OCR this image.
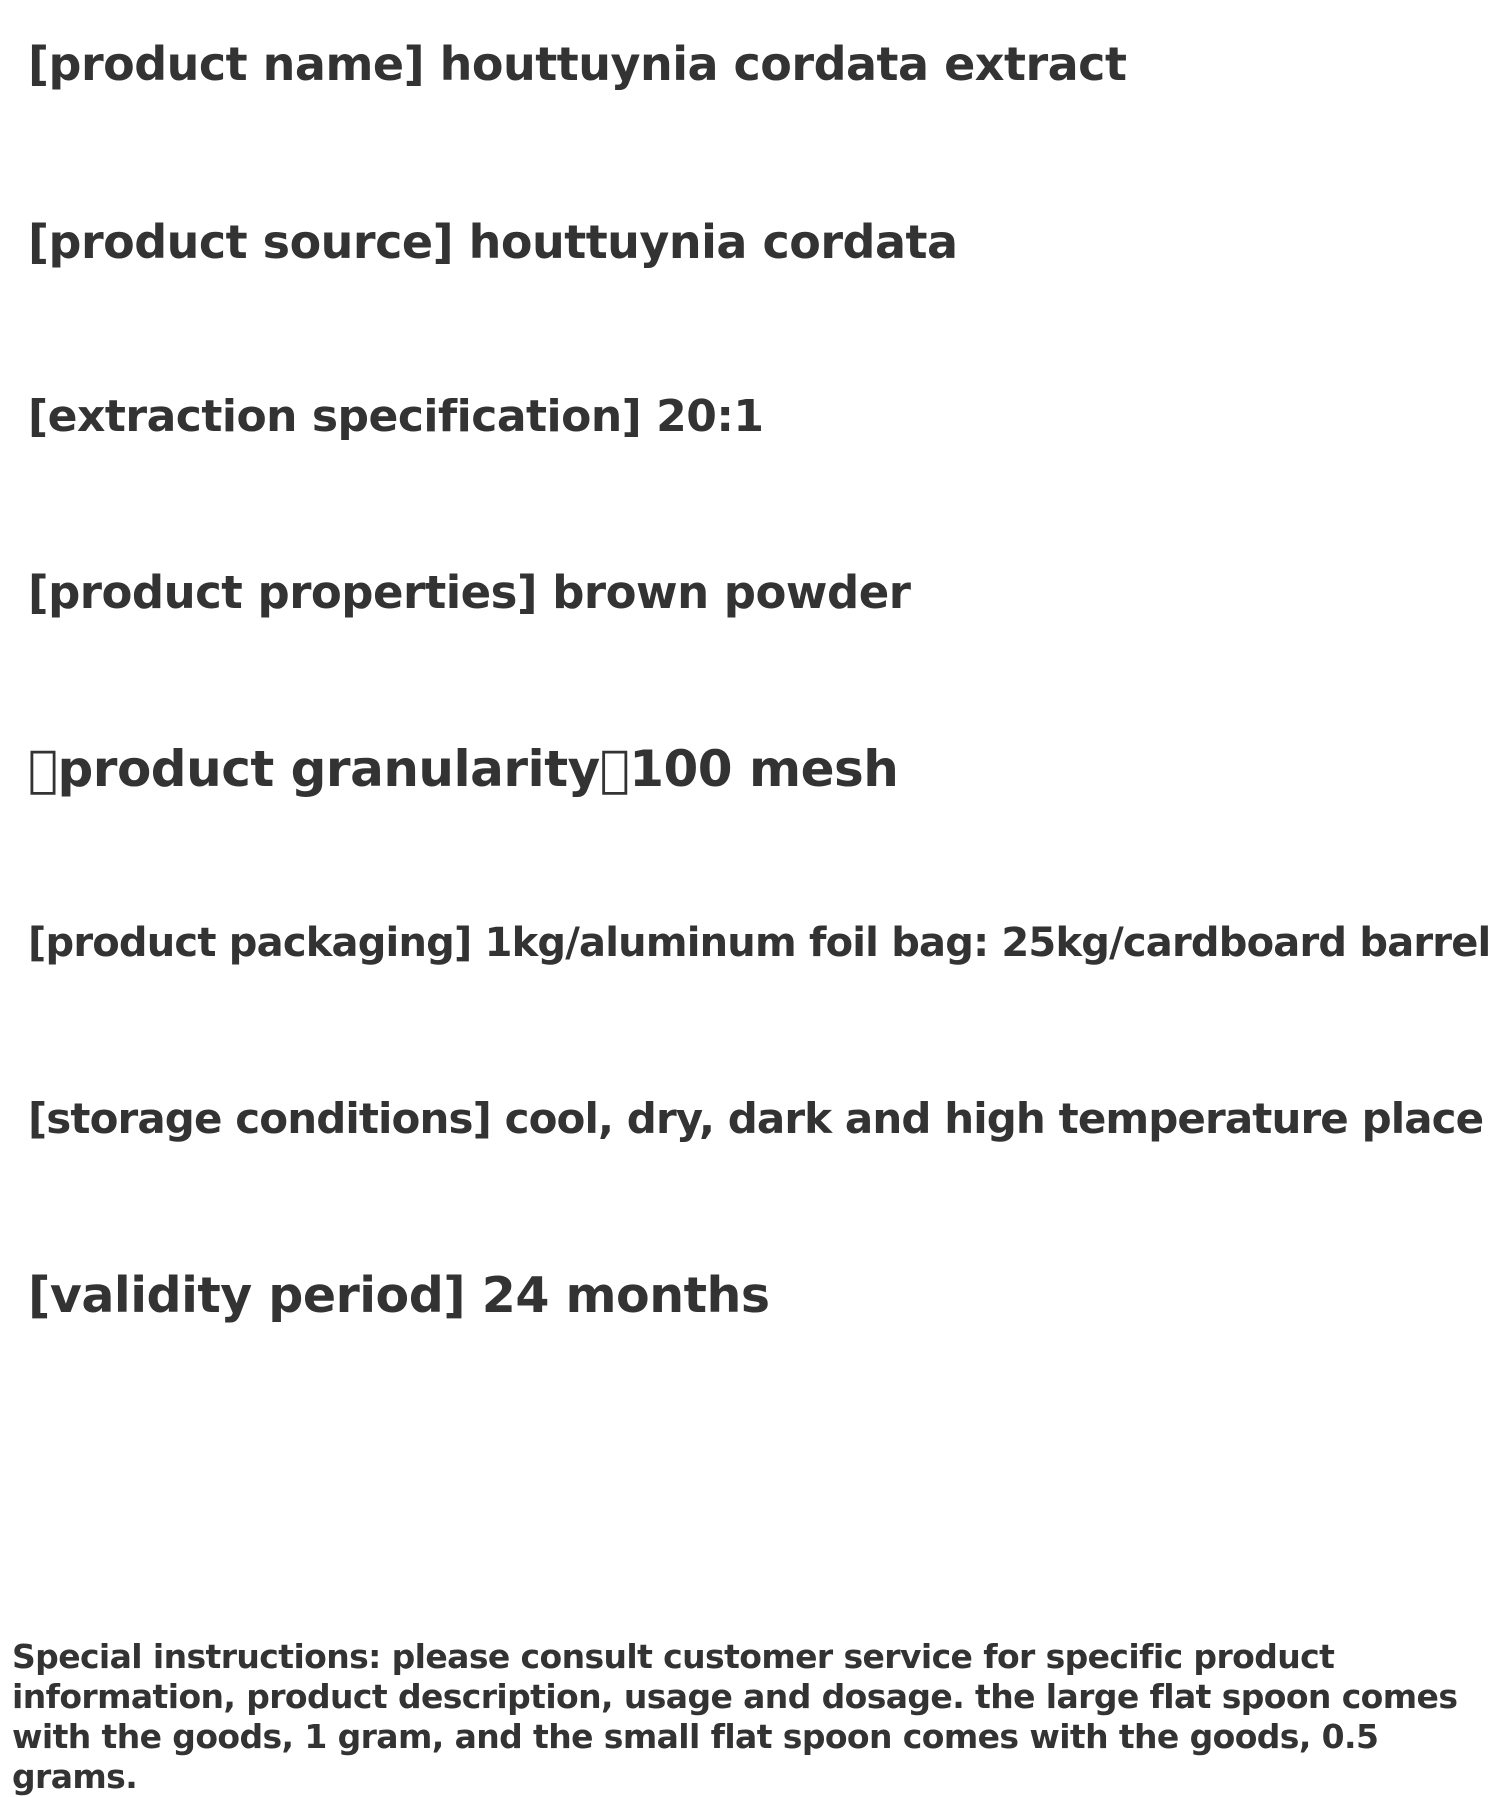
[product name] houttuynia cordata extract
[product source] houttuynia cordata
[extraction specification] 20:1
[product properties] brown powder
 product granularity 100 mesh
[product packaging] 1kg/aluminum foil bag: 25kg/cardboard barrel
[storage conditions] cool, dry, dark and high temperature place
[validity period] 24 months
Special instructions: please consult customer service for specific product information, product description, usage and dosage. the large flat spoon comes with the goods, 1 gram, and the small flat spoon comes with the goods, 0.5 grams.
